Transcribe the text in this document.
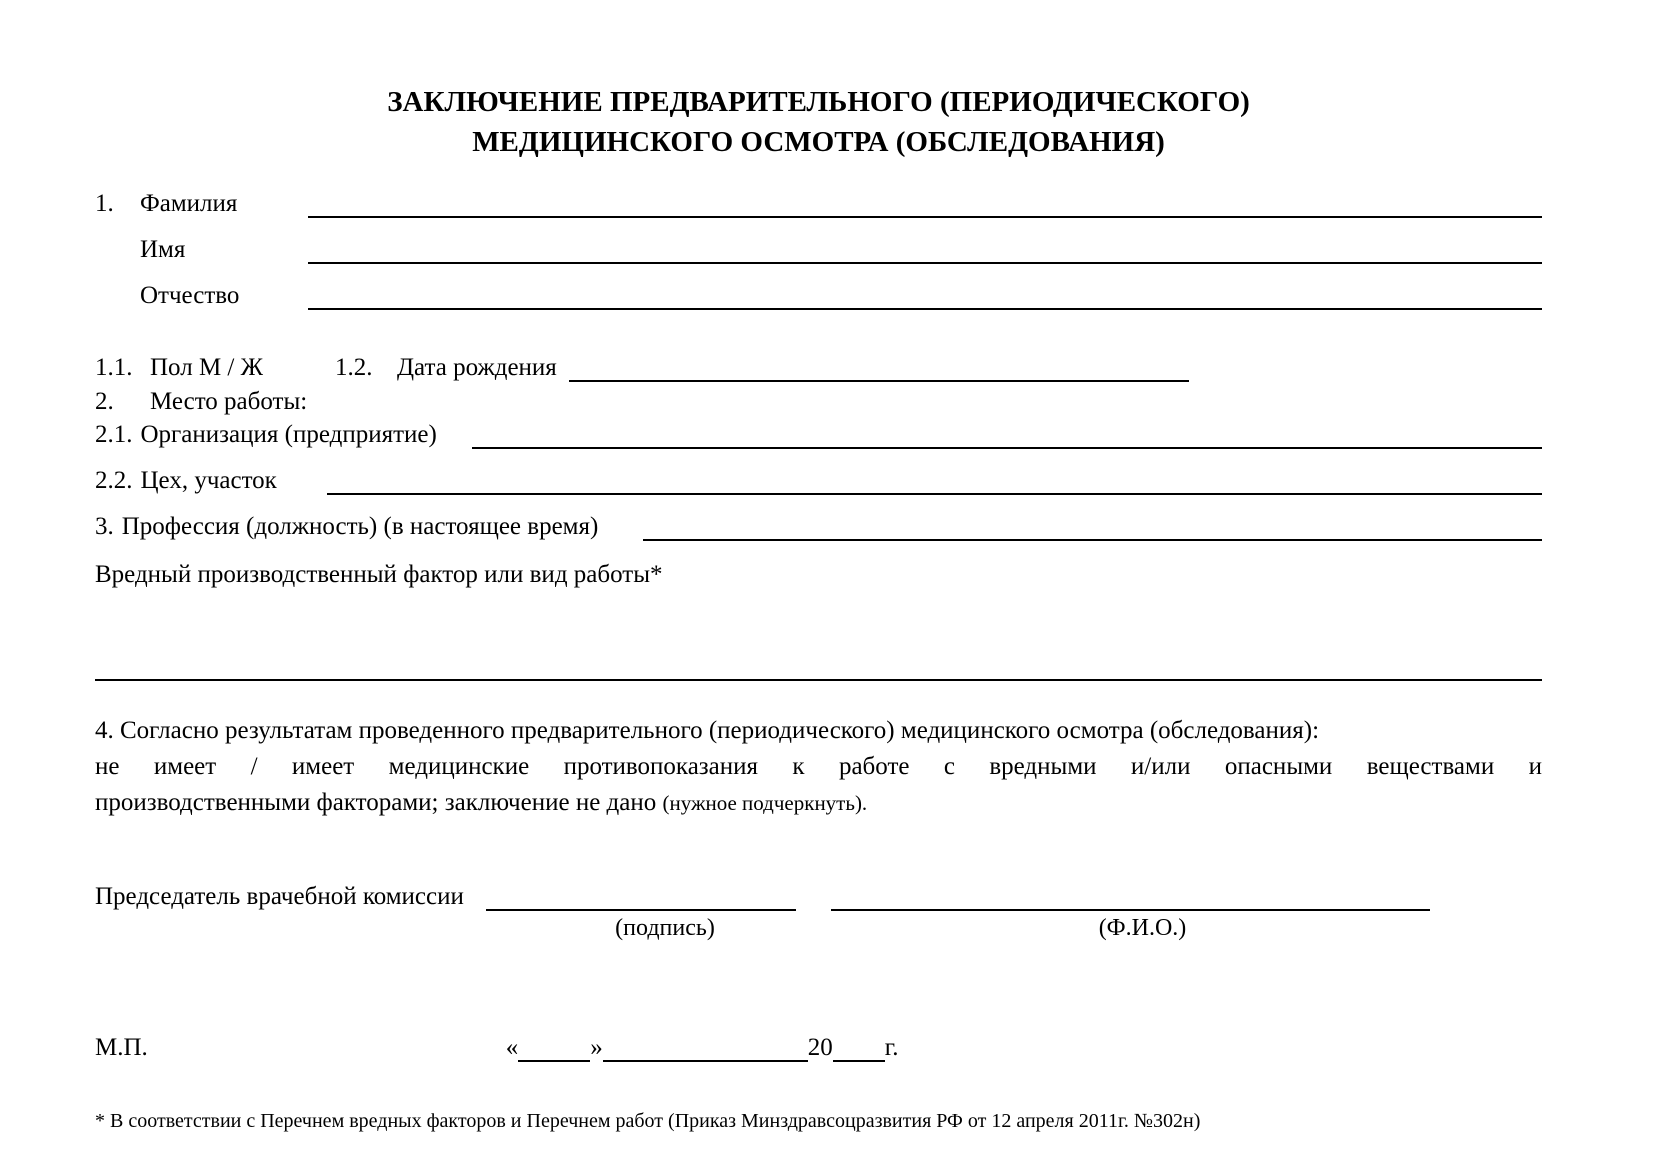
ЗАКЛЮЧЕНИЕ ПРЕДВАРИТЕЛЬНОГО (ПЕРИОДИЧЕСКОГО)
МЕДИЦИНСКОГО ОСМОТРА (ОБСЛЕДОВАНИЯ)
1.	Фамилия
Имя
Отчество
1.1. Пол М / Ж	1.2. Дата рождения
2.	Место работы:
2.1. Организация (предприятие)
2.2. Цех, участок
3. Профессия (должность) (в настоящее время)
Вредный производственный фактор или вид работы*
4. Согласно результатам проведенного предварительного (периодического) медицинского осмотра (обследования):
не имеет / имеет медицинские противопоказания к работе с вредными и/или опасными веществами и
производственными факторами; заключение не дано (нужное подчеркнуть).
Председатель врачебной комиссии
(подпись)	(Ф.И.О.)
М.П.	«	»	20 г.
* В соответствии с Перечнем вредных факторов и Перечнем работ (Приказ Минздравсоцразвития РФ от 12 апреля 2011г. №302н)
